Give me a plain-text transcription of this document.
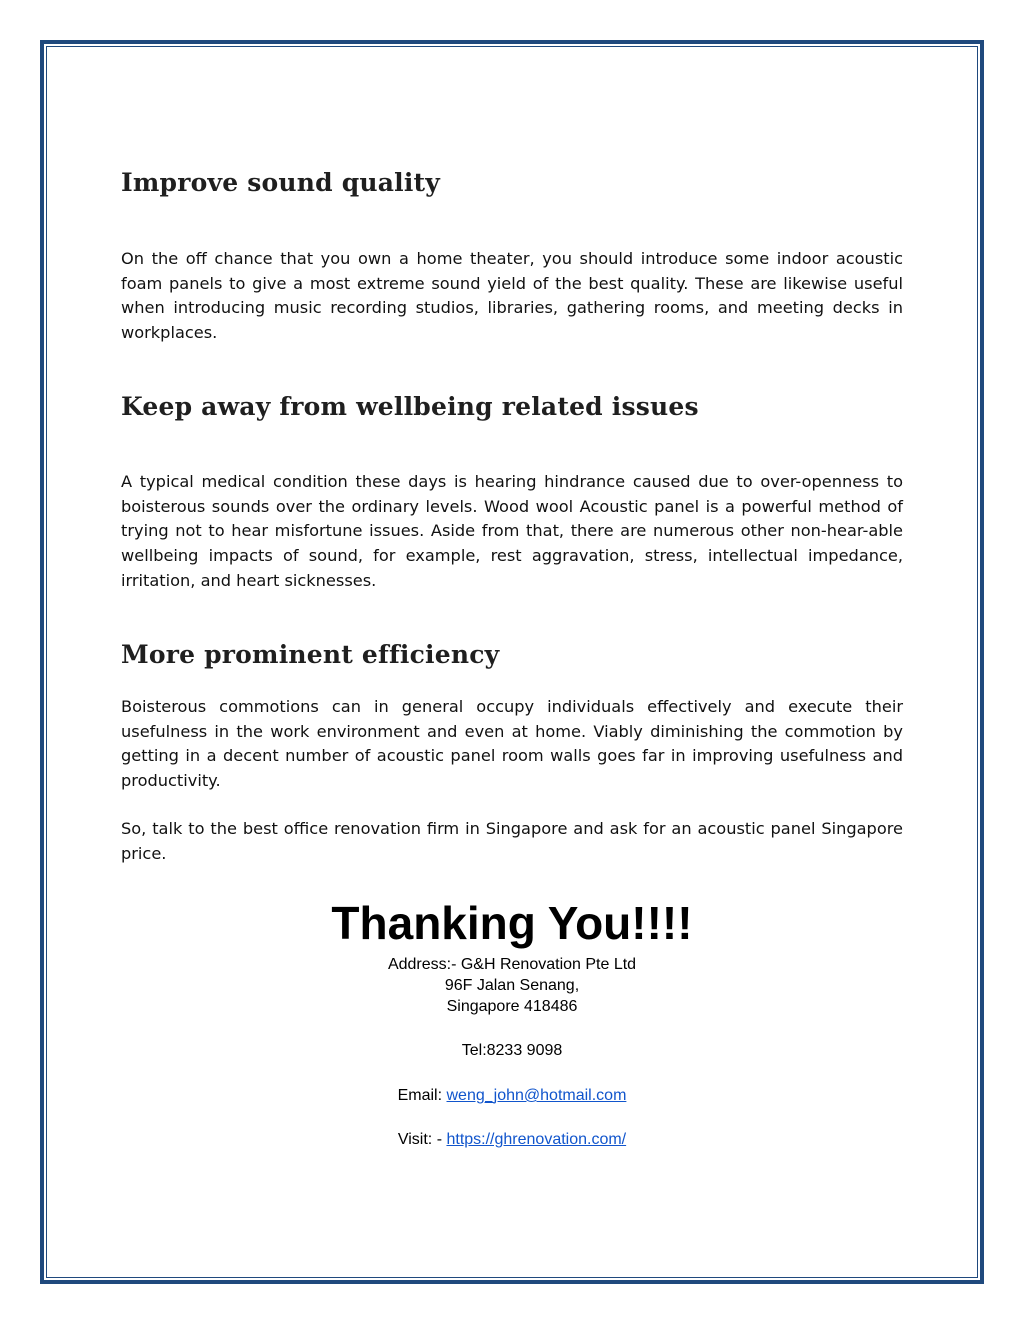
Improve sound quality

On the off chance that you own a home theater, you should introduce some indoor acoustic foam panels to give a most extreme sound yield of the best quality. These are likewise useful when introducing music recording studios, libraries, gathering rooms, and meeting decks in workplaces.

Keep away from wellbeing related issues

A typical medical condition these days is hearing hindrance caused due to over-openness to boisterous sounds over the ordinary levels. Wood wool Acoustic panel is a powerful method of trying not to hear misfortune issues. Aside from that, there are numerous other non-hear-able wellbeing impacts of sound, for example, rest aggravation, stress, intellectual impedance, irritation, and heart sicknesses.

More prominent efficiency

Boisterous commotions can in general occupy individuals effectively and execute their usefulness in the work environment and even at home. Viably diminishing the commotion by getting in a decent number of acoustic panel room walls goes far in improving usefulness and productivity.

So, talk to the best office renovation firm in Singapore and ask for an acoustic panel Singapore price.

Thanking You!!!!

Address:- G&H Renovation Pte Ltd

96F Jalan Senang,

Singapore 418486

Tel:8233 9098

Email: weng_john@hotmail.com

Visit: - https://ghrenovation.com/
